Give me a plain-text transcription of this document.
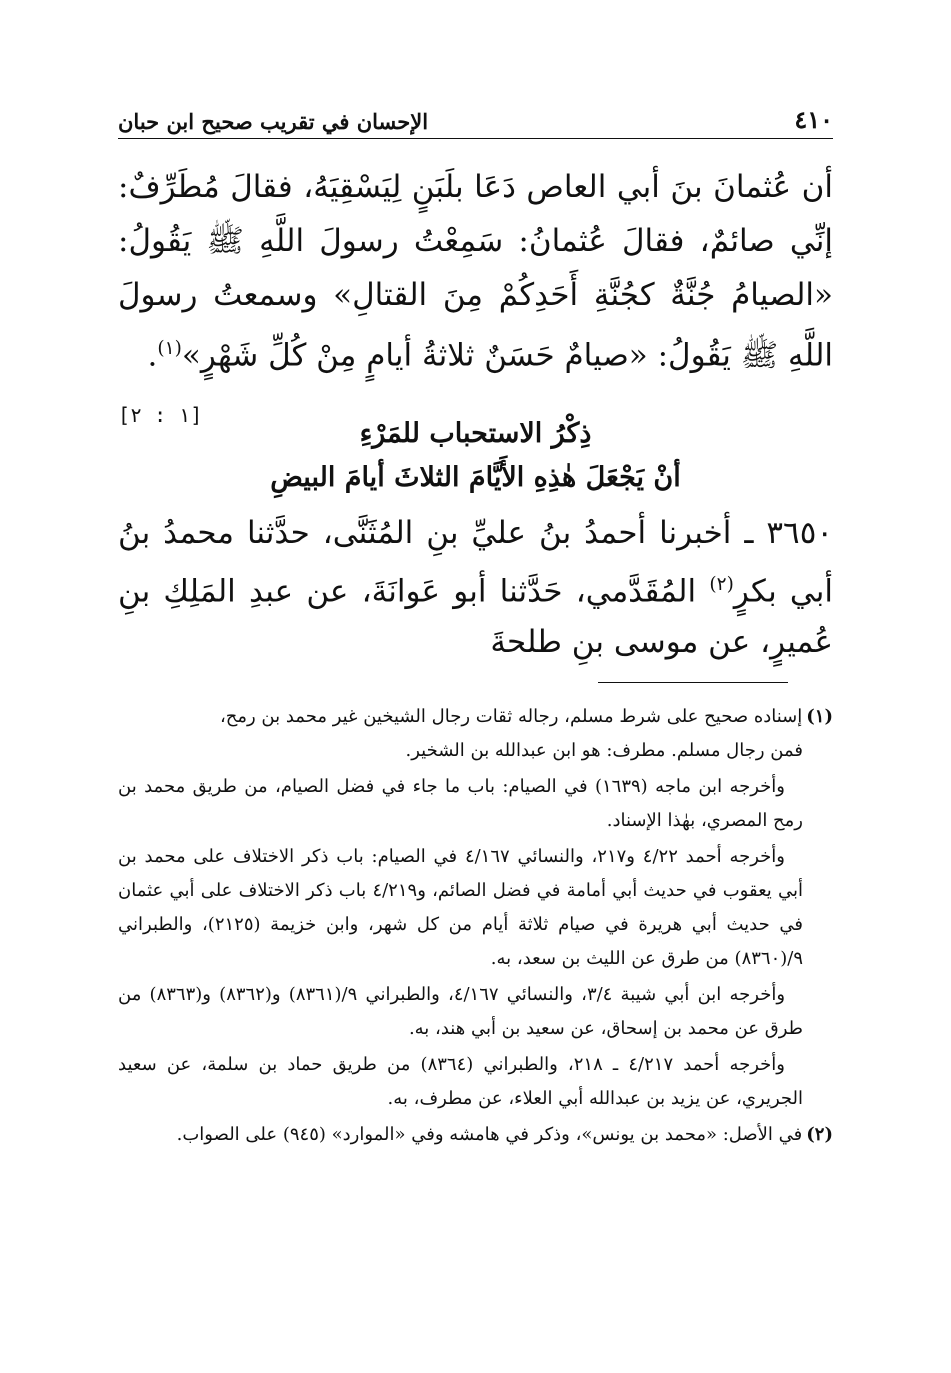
٤١٠
الإحسان في تقريب صحيح ابن حبان

أن عُثمانَ بنَ أبي العاص دَعَا بلَبَنٍ لِيَسْقِيَهُ، فقالَ مُطَرِّفٌ: إنِّي صائمٌ، فقالَ عُثمانُ: سَمِعْتُ رسولَ اللَّهِ ﷺ يَقُولُ: «الصيامُ جُنَّةٌ كجُنَّةِ أَحَدِكُمْ مِنَ القتالِ» وسمعتُ رسولَ اللَّهِ ﷺ يَقُولُ: «صيامٌ حَسَنٌ ثلاثةُ أيامٍ مِنْ كُلِّ شَهْرٍ»$^{(١)}$.
[١ : ٢]

ذِكْرُ الاستحباب للمَرْءِ
أنْ يَجْعَلَ هٰذِهِ الأَيَّامَ الثلاثَ أيامَ البيضِ

٣٦٥٠ ـ أخبرنا أحمدُ بنُ عليِّ بنِ المُثَنَّى، حدَّثنا محمدُ بنُ أبي بكرٍ$^{(٢)}$ المُقَدَّمي، حَدَّثنا أبو عَوانَةَ، عن عبدِ المَلِكِ بنِ عُميرٍ، عن موسى بنِ طلحةَ

(١)إسناده صحيح على شرط مسلم، رجاله ثقات رجال الشيخين غير محمد بن رمح،
فمن رجال مسلم. مطرف: هو ابن عبدالله بن الشخير.

وأخرجه ابن ماجه (١٦٣٩) في الصيام: باب ما جاء في فضل الصيام، من طريق محمد بن رمح المصري، بهٰذا الإسناد.

وأخرجه أحمد ٤/٢٢ و٢١٧، والنسائي ٤/١٦٧ في الصيام: باب ذكر الاختلاف على محمد بن أبي يعقوب في حديث أبي أمامة في فضل الصائم، و٤/٢١٩ باب ذكر الاختلاف على أبي عثمان في حديث أبي هريرة في صيام ثلاثة أيام من كل شهر، وابن خزيمة (٢١٢٥)، والطبراني ٩/(٨٣٦٠) من طرق عن الليث بن سعد، به.

وأخرجه ابن أبي شيبة ٣/٤، والنسائي ٤/١٦٧، والطبراني ٩/(٨٣٦١) و(٨٣٦٢) و(٨٣٦٣) من طرق عن محمد بن إسحاق، عن سعيد بن أبي هند، به.

وأخرجه أحمد ٤/٢١٧ ـ ٢١٨، والطبراني (٨٣٦٤) من طريق حماد بن سلمة، عن سعيد الجريري، عن يزيد بن عبدالله أبي العلاء، عن مطرف، به.

(٢)في الأصل: «محمد بن يونس»، وذكر في هامشه وفي «الموارد» (٩٤٥) على الصواب.
